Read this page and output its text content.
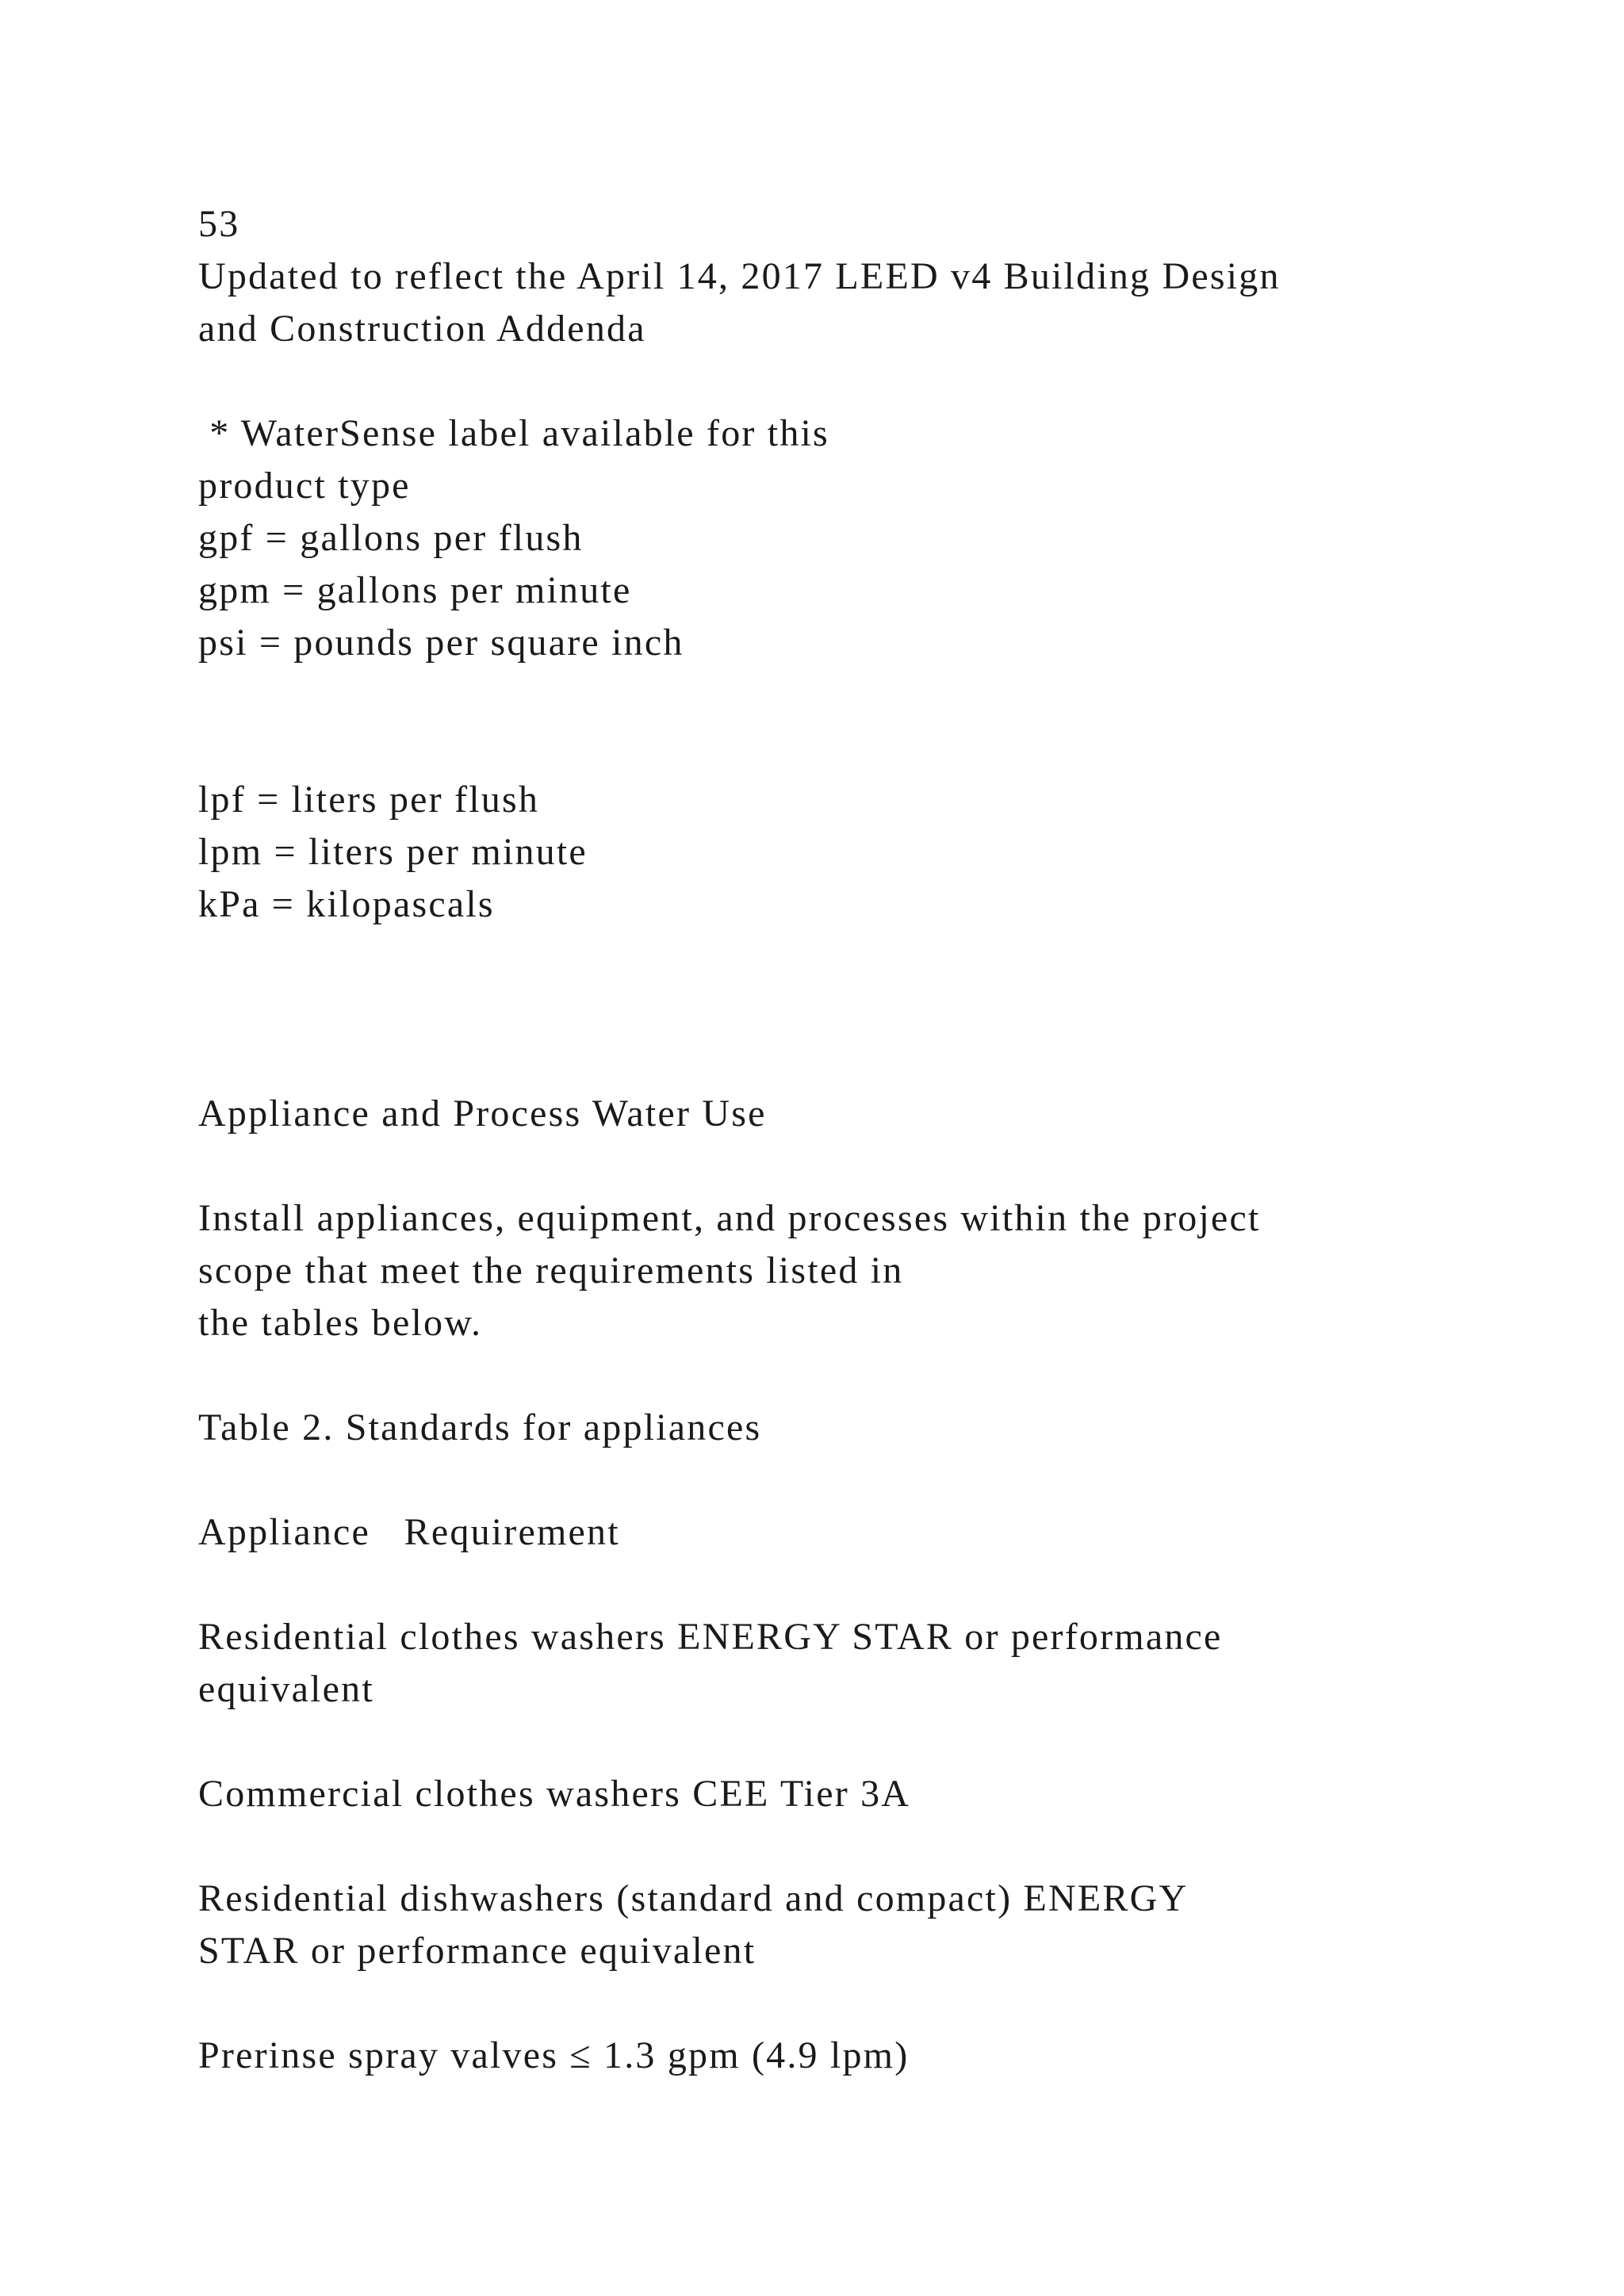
53
Updated to reflect the April 14, 2017 LEED v4 Building Design
and Construction Addenda
* WaterSense label available for this
product type
gpf = gallons per flush
gpm = gallons per minute
psi = pounds per square inch
lpf = liters per flush
lpm = liters per minute
kPa = kilopascals
Appliance and Process Water Use
Install appliances, equipment, and processes within the project
scope that meet the requirements listed in
the tables below.
Table 2. Standards for appliances
Appliance   Requirement
Residential clothes washers ENERGY STAR or performance
equivalent
Commercial clothes washers CEE Tier 3A
Residential dishwashers (standard and compact) ENERGY
STAR or performance equivalent
Prerinse spray valves ≤ 1.3 gpm (4.9 lpm)
